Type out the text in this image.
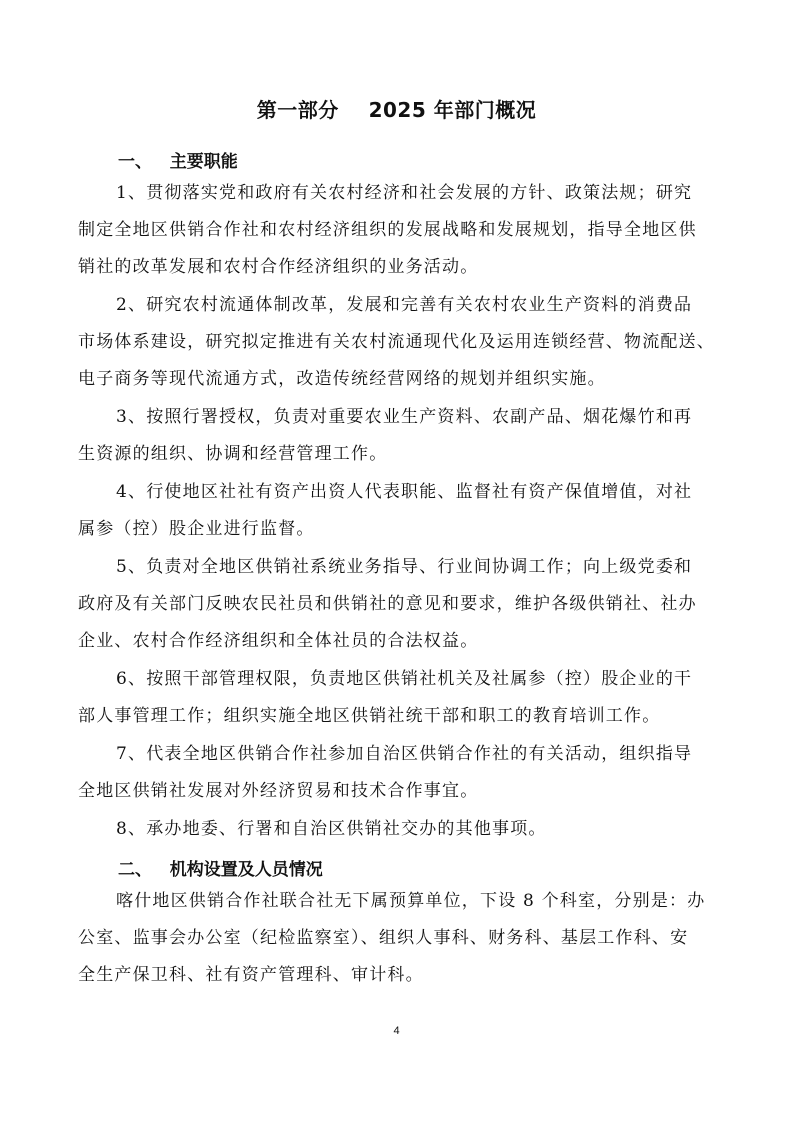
第一部分    2025 年部门概况
一、   主要职能
1、贯彻落实党和政府有关农村经济和社会发展的方针、政策法规；研究
制定全地区供销合作社和农村经济组织的发展战略和发展规划，指导全地区供
销社的改革发展和农村合作经济组织的业务活动。
2、研究农村流通体制改革，发展和完善有关农村农业生产资料的消费品
市场体系建设，研究拟定推进有关农村流通现代化及运用连锁经营、物流配送、
电子商务等现代流通方式，改造传统经营网络的规划并组织实施。
3、按照行署授权，负责对重要农业生产资料、农副产品、烟花爆竹和再
生资源的组织、协调和经营管理工作。
4、行使地区社社有资产出资人代表职能、监督社有资产保值增值，对社
属参（控）股企业进行监督。
5、负责对全地区供销社系统业务指导、行业间协调工作；向上级党委和
政府及有关部门反映农民社员和供销社的意见和要求，维护各级供销社、社办
企业、农村合作经济组织和全体社员的合法权益。
6、按照干部管理权限，负责地区供销社机关及社属参（控）股企业的干
部人事管理工作；组织实施全地区供销社统干部和职工的教育培训工作。
7、代表全地区供销合作社参加自治区供销合作社的有关活动，组织指导
全地区供销社发展对外经济贸易和技术合作事宜。
8、承办地委、行署和自治区供销社交办的其他事项。
二、   机构设置及人员情况
喀什地区供销合作社联合社无下属预算单位，下设 8 个科室，分别是：办
公室、监事会办公室（纪检监察室）、组织人事科、财务科、基层工作科、安
全生产保卫科、社有资产管理科、审计科。
4
